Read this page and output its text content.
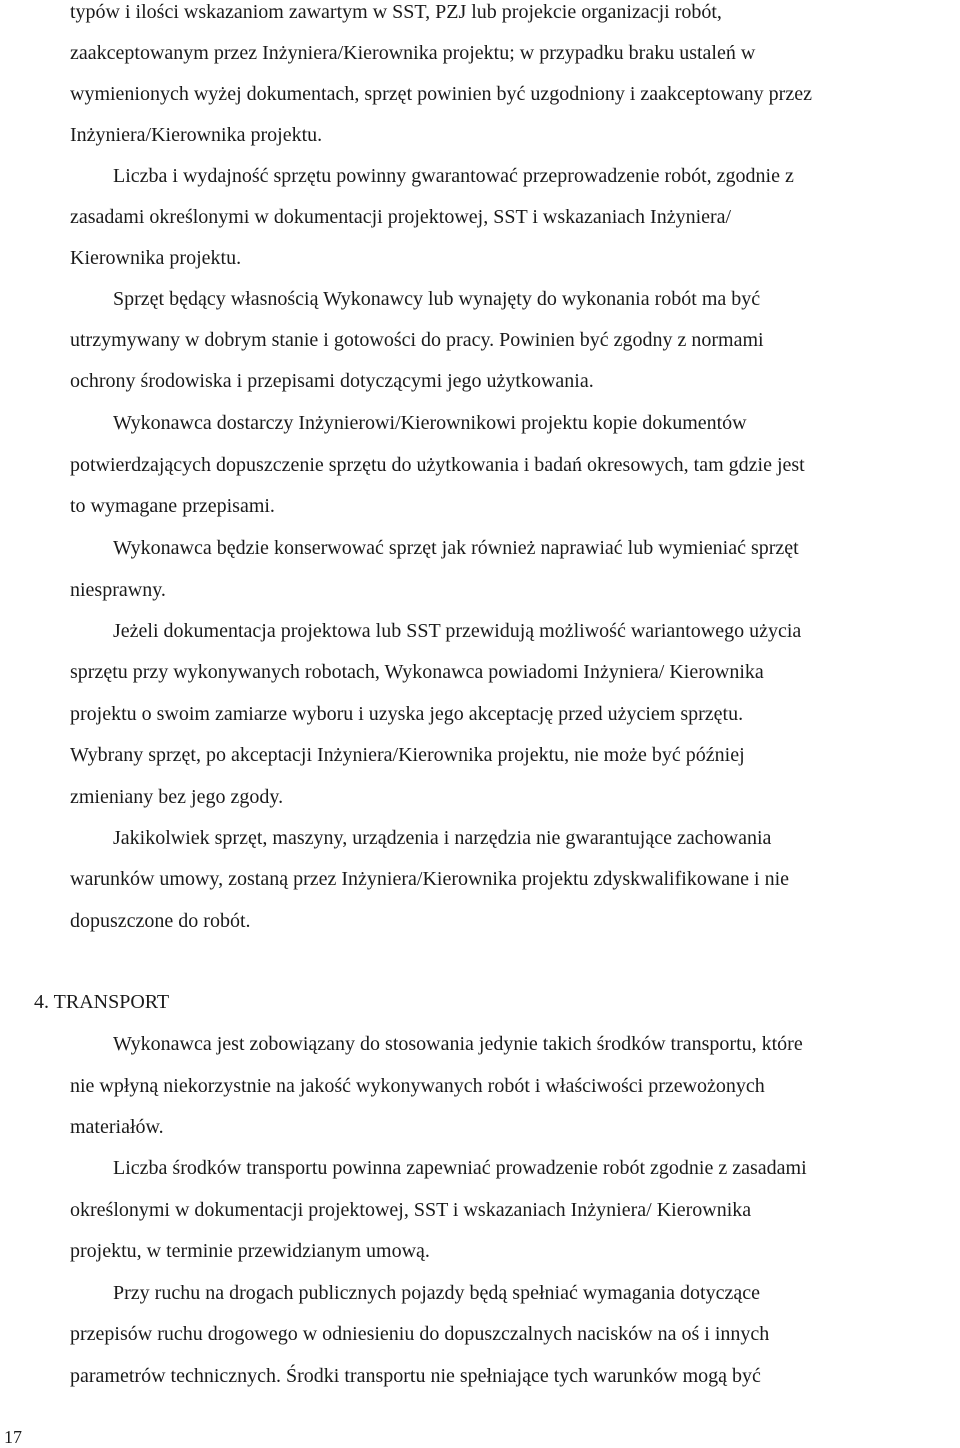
typów i ilości wskazaniom zawartym w SST, PZJ lub projekcie organizacji robót,
zaakceptowanym przez Inżyniera/Kierownika projektu; w przypadku braku ustaleń w
wymienionych wyżej dokumentach, sprzęt powinien być uzgodniony i zaakceptowany przez
Inżyniera/Kierownika projektu.
Liczba i wydajność sprzętu powinny gwarantować przeprowadzenie robót, zgodnie z
zasadami określonymi w dokumentacji projektowej, SST i wskazaniach Inżyniera/
Kierownika projektu.
Sprzęt będący własnością Wykonawcy lub wynajęty do wykonania robót ma być
utrzymywany w dobrym stanie i gotowości do pracy. Powinien być zgodny z normami
ochrony środowiska i przepisami dotyczącymi jego użytkowania.
Wykonawca dostarczy Inżynierowi/Kierownikowi projektu kopie dokumentów
potwierdzających dopuszczenie sprzętu do użytkowania i badań okresowych, tam gdzie jest
to wymagane przepisami.
Wykonawca będzie konserwować sprzęt jak również naprawiać lub wymieniać sprzęt
niesprawny.
Jeżeli dokumentacja projektowa lub SST przewidują możliwość wariantowego użycia
sprzętu przy wykonywanych robotach, Wykonawca powiadomi Inżyniera/ Kierownika
projektu o swoim zamiarze wyboru i uzyska jego akceptację przed użyciem sprzętu.
Wybrany sprzęt, po akceptacji Inżyniera/Kierownika projektu, nie może być później
zmieniany bez jego zgody.
Jakikolwiek sprzęt, maszyny, urządzenia i narzędzia nie gwarantujące zachowania
warunków umowy, zostaną przez Inżyniera/Kierownika projektu zdyskwalifikowane i nie
dopuszczone do robót.
4. TRANSPORT
Wykonawca jest zobowiązany do stosowania jedynie takich środków transportu, które
nie wpłyną niekorzystnie na jakość wykonywanych robót i właściwości przewożonych
materiałów.
Liczba środków transportu powinna zapewniać prowadzenie robót zgodnie z zasadami
określonymi w dokumentacji projektowej, SST i wskazaniach Inżyniera/ Kierownika
projektu, w terminie przewidzianym umową.
Przy ruchu na drogach publicznych pojazdy będą spełniać wymagania dotyczące
przepisów ruchu drogowego w odniesieniu do dopuszczalnych nacisków na oś i innych
parametrów technicznych. Środki transportu nie spełniające tych warunków mogą być
17
